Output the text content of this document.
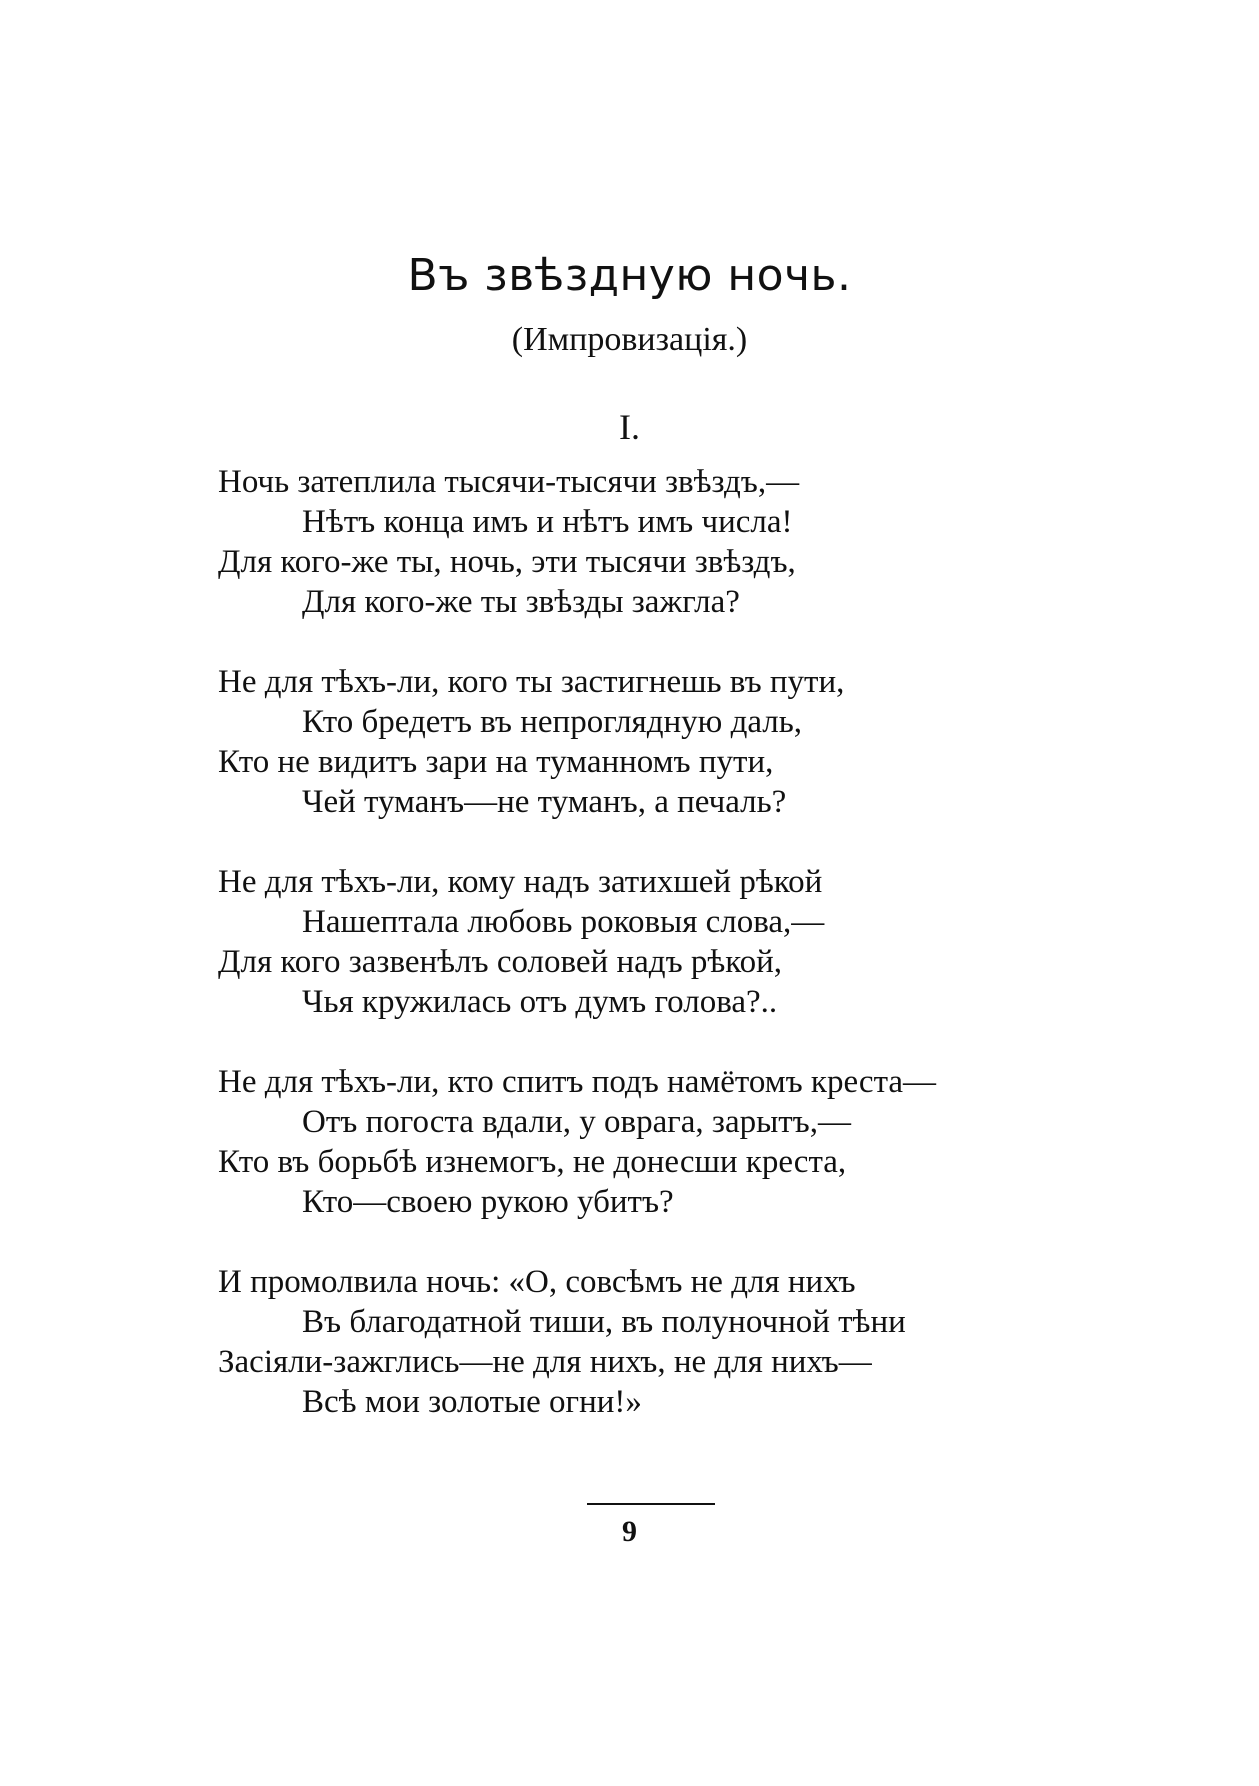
Въ звѣздную ночь.
(Импровизація.)
I.
Ночь затеплила тысячи-тысячи звѣздъ,—
Нѣтъ конца имъ и нѣтъ имъ числа!
Для кого-же ты, ночь, эти тысячи звѣздъ,
Для кого-же ты звѣзды зажгла?
Не для тѣхъ-ли, кого ты застигнешь въ пути,
Кто бредетъ въ непроглядную даль,
Кто не видитъ зари на туманномъ пути,
Чей туманъ—не туманъ, а печаль?
Не для тѣхъ-ли, кому надъ затихшей рѣкой
Нашептала любовь роковыя слова,—
Для кого зазвенѣлъ соловей надъ рѣкой,
Чья кружилась отъ думъ голова?..
Не для тѣхъ-ли, кто спитъ подъ намётомъ креста—
Отъ погоста вдали, у оврага, зарытъ,—
Кто въ борьбѣ изнемогъ, не донесши креста,
Кто—своею рукою убитъ?
И промолвила ночь: «О, совсѣмъ не для нихъ
Въ благодатной тиши, въ полуночной тѣни
Засіяли-зажглись—не для нихъ, не для нихъ—
Всѣ мои золотые огни!»
9
